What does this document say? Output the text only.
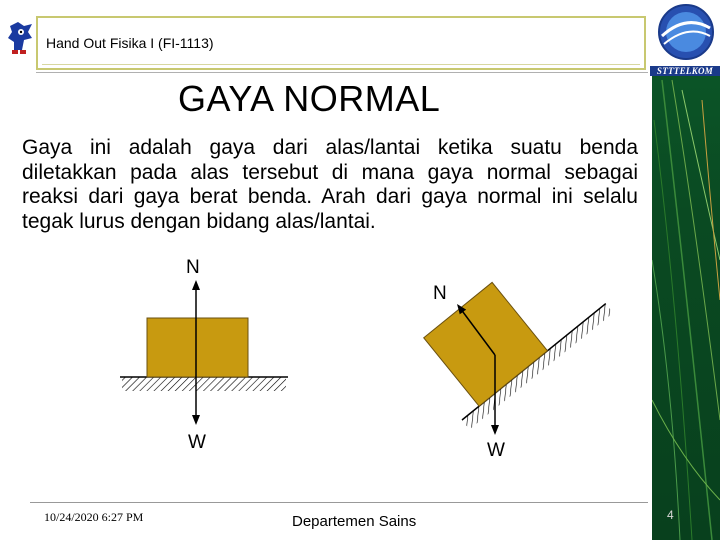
STTTELKOM
Hand Out Fisika I (FI-1113)
GAYA NORMAL
Gaya ini adalah gaya dari alas/lantai ketika suatu benda diletakkan pada alas tersebut di mana gaya normal sebagai reaksi dari gaya berat benda. Arah dari gaya normal ini selalu tegak lurus dengan bidang alas/lantai.
N
W
N
W
10/24/2020 6:27 PM	Departemen Sains	4
